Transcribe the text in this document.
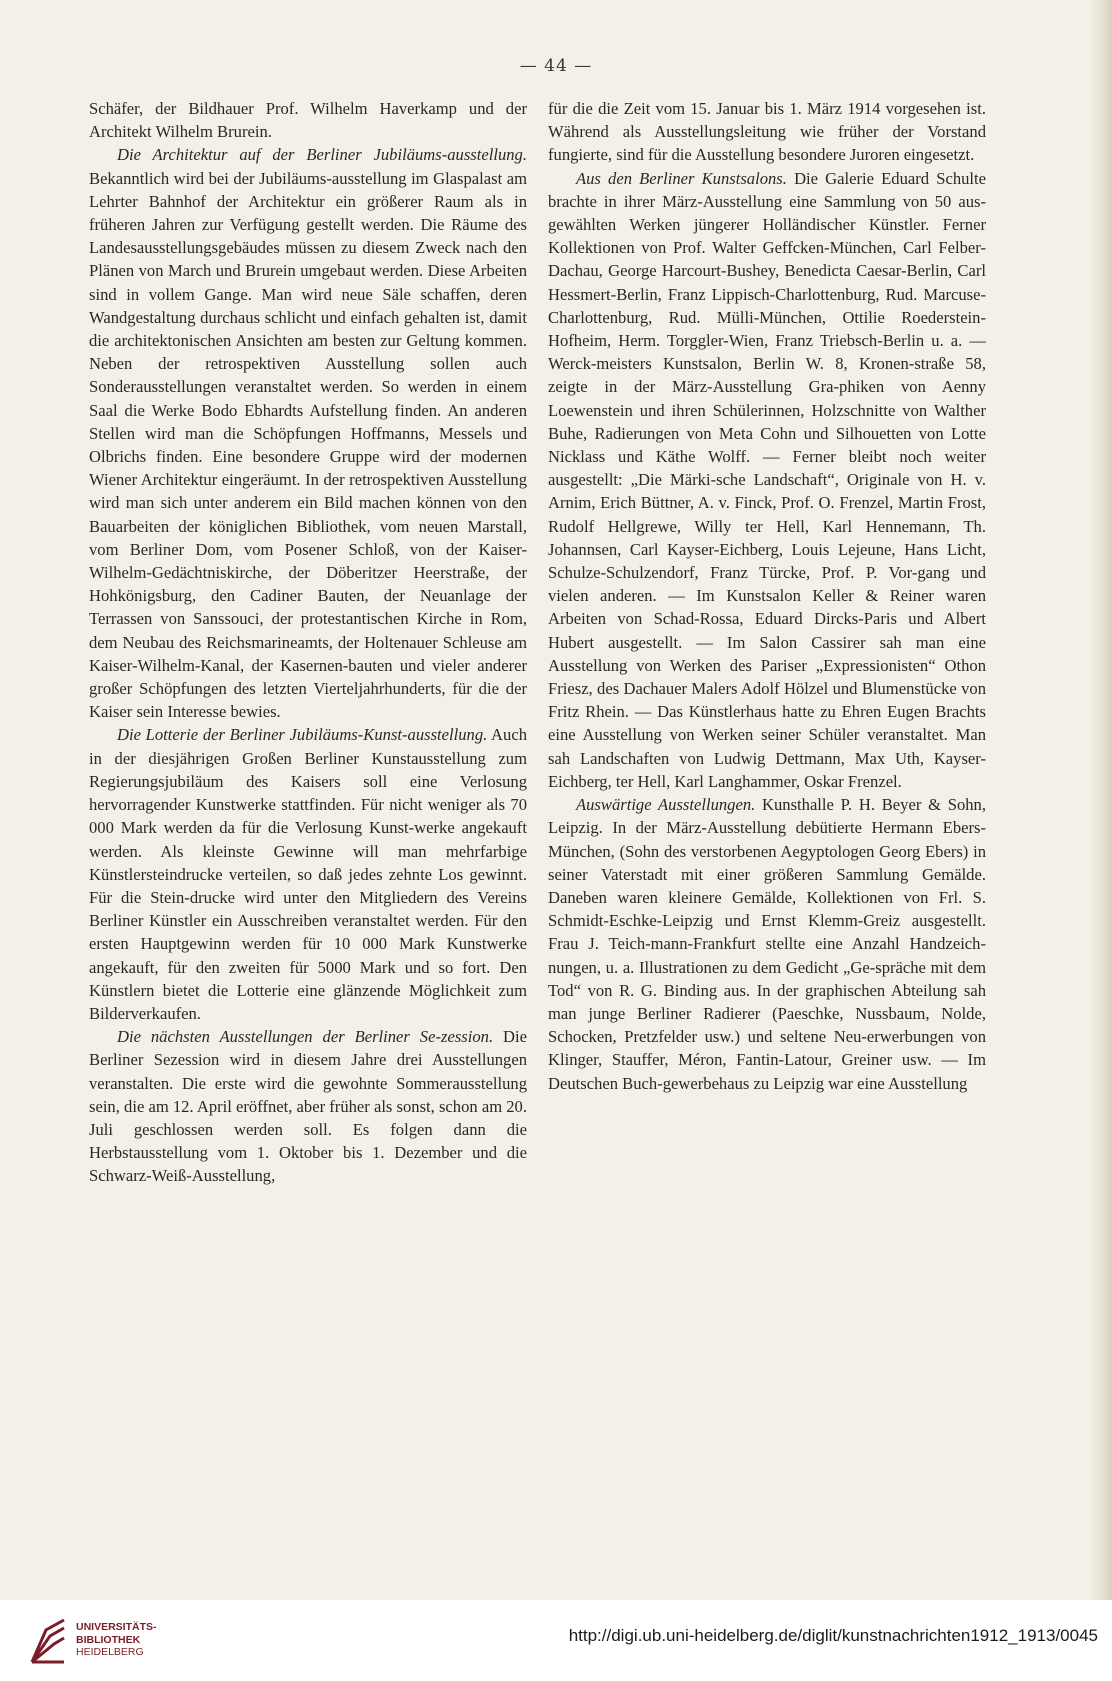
— 44 —

Schäfer, der Bildhauer Prof. Wilhelm Haverkamp und der Architekt Wilhelm Brurein.

Die Architektur auf der Berliner Jubiläums-ausstellung. Bekanntlich wird bei der Jubiläums-ausstellung im Glaspalast am Lehrter Bahnhof der Architektur ein größerer Raum als in früheren Jahren zur Verfügung gestellt werden. Die Räume des Landesausstellungsgebäudes müssen zu diesem Zweck nach den Plänen von March und Brurein umgebaut werden. Diese Arbeiten sind in vollem Gange. Man wird neue Säle schaffen, deren Wandgestaltung durchaus schlicht und einfach gehalten ist, damit die architektonischen Ansichten am besten zur Geltung kommen. Neben der retrospektiven Ausstellung sollen auch Sonderausstellungen veranstaltet werden. So werden in einem Saal die Werke Bodo Ebhardts Aufstellung finden. An anderen Stellen wird man die Schöpfungen Hoffmanns, Messels und Olbrichs finden. Eine besondere Gruppe wird der modernen Wiener Architektur eingeräumt. In der retrospektiven Ausstellung wird man sich unter anderem ein Bild machen können von den Bauarbeiten der königlichen Bibliothek, vom neuen Marstall, vom Berliner Dom, vom Posener Schloß, von der Kaiser-Wilhelm-Gedächtniskirche, der Döberitzer Heerstraße, der Hohkönigsburg, den Cadiner Bauten, der Neuanlage der Terrassen von Sanssouci, der protestantischen Kirche in Rom, dem Neubau des Reichsmarineamts, der Holtenauer Schleuse am Kaiser-Wilhelm-Kanal, der Kasernen-bauten und vieler anderer großer Schöpfungen des letzten Vierteljahrhunderts, für die der Kaiser sein Interesse bewies.

Die Lotterie der Berliner Jubiläums-Kunst-ausstellung. Auch in der diesjährigen Großen Berliner Kunstausstellung zum Regierungsjubiläum des Kaisers soll eine Verlosung hervorragender Kunstwerke stattfinden. Für nicht weniger als 70 000 Mark werden da für die Verlosung Kunst-werke angekauft werden. Als kleinste Gewinne will man mehrfarbige Künstlersteindrucke verteilen, so daß jedes zehnte Los gewinnt. Für die Stein-drucke wird unter den Mitgliedern des Vereins Berliner Künstler ein Ausschreiben veranstaltet werden. Für den ersten Hauptgewinn werden für 10 000 Mark Kunstwerke angekauft, für den zweiten für 5000 Mark und so fort. Den Künstlern bietet die Lotterie eine glänzende Möglichkeit zum Bilderverkaufen.

Die nächsten Ausstellungen der Berliner Se-zession. Die Berliner Sezession wird in diesem Jahre drei Ausstellungen veranstalten. Die erste wird die gewohnte Sommerausstellung sein, die am 12. April eröffnet, aber früher als sonst, schon am 20. Juli geschlossen werden soll. Es folgen dann die Herbstausstellung vom 1. Oktober bis 1. Dezember und die Schwarz-Weiß-Ausstellung,

für die die Zeit vom 15. Januar bis 1. März 1914 vorgesehen ist. Während als Ausstellungsleitung wie früher der Vorstand fungierte, sind für die Ausstellung besondere Juroren eingesetzt.

Aus den Berliner Kunstsalons. Die Galerie Eduard Schulte brachte in ihrer März-Ausstellung eine Sammlung von 50 aus-gewählten Werken jüngerer Holländischer Künstler. Ferner Kollektionen von Prof. Walter Geffcken-München, Carl Felber-Dachau, George Harcourt-Bushey, Benedicta Caesar-Berlin, Carl Hessmert-Berlin, Franz Lippisch-Charlottenburg, Rud. Marcuse-Charlottenburg, Rud. Mülli-München, Ottilie Roederstein-Hofheim, Herm. Torggler-Wien, Franz Triebsch-Berlin u. a. — Werck-meisters Kunstsalon, Berlin W. 8, Kronen-straße 58, zeigte in der März-Ausstellung Gra-phiken von Aenny Loewenstein und ihren Schülerinnen, Holzschnitte von Walther Buhe, Radierungen von Meta Cohn und Silhouetten von Lotte Nicklass und Käthe Wolff. — Ferner bleibt noch weiter ausgestellt: „Die Märki-sche Landschaft“, Originale von H. v. Arnim, Erich Büttner, A. v. Finck, Prof. O. Frenzel, Martin Frost, Rudolf Hellgrewe, Willy ter Hell, Karl Hennemann, Th. Johannsen, Carl Kayser-Eichberg, Louis Lejeune, Hans Licht, Schulze-Schulzendorf, Franz Türcke, Prof. P. Vor-gang und vielen anderen. — Im Kunstsalon Keller & Reiner waren Arbeiten von Schad-Rossa, Eduard Dircks-Paris und Albert Hubert ausgestellt. — Im Salon Cassirer sah man eine Ausstellung von Werken des Pariser „Expressionisten“ Othon Friesz, des Dachauer Malers Adolf Hölzel und Blumenstücke von Fritz Rhein. — Das Künstlerhaus hatte zu Ehren Eugen Brachts eine Ausstellung von Werken seiner Schüler veranstaltet. Man sah Landschaften von Ludwig Dettmann, Max Uth, Kayser-Eichberg, ter Hell, Karl Langhammer, Oskar Frenzel.

Auswärtige Ausstellungen. Kunsthalle P. H. Beyer & Sohn, Leipzig. In der März-Ausstellung debütierte Hermann Ebers-München, (Sohn des verstorbenen Aegyptologen Georg Ebers) in seiner Vaterstadt mit einer größeren Sammlung Gemälde. Daneben waren kleinere Gemälde, Kollektionen von Frl. S. Schmidt-Eschke-Leipzig und Ernst Klemm-Greiz ausgestellt. Frau J. Teich-mann-Frankfurt stellte eine Anzahl Handzeich-nungen, u. a. Illustrationen zu dem Gedicht „Ge-spräche mit dem Tod“ von R. G. Binding aus. In der graphischen Abteilung sah man junge Berliner Radierer (Paeschke, Nussbaum, Nolde, Schocken, Pretzfelder usw.) und seltene Neu-erwerbungen von Klinger, Stauffer, Méron, Fantin-Latour, Greiner usw. — Im Deutschen Buch-gewerbehaus zu Leipzig war eine Ausstellung

UNIVERSITÄTS-
BIBLIOTHEK
HEIDELBERG
http://digi.ub.uni-heidelberg.de/diglit/kunstnachrichten1912_1913/0045
